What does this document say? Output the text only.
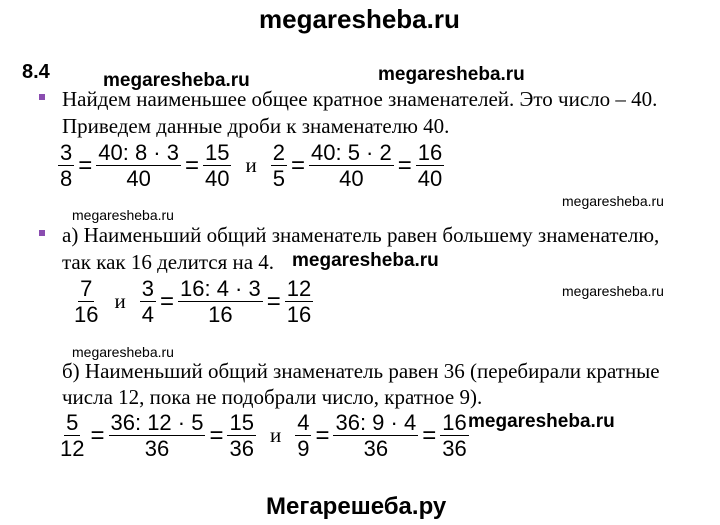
megaresheba.ru
megaresheba.ru	megaresheba.ru
megaresheba.ru
megaresheba.ru
megaresheba.ru
megaresheba.ru
megaresheba.ru
megaresheba.ru
Мегарешеба.ру
8.4
Найдем наименьшее общее кратное знаменателей. Это число – 40.
Приведем данные дроби к знаменателю 40.
$\frac{3}{8} = \frac{40: 8 \cdot 3}{40} = \frac{15}{40}$ и $\frac{2}{5} = \frac{40: 5 \cdot 2}{40} = \frac{16}{40}$
а) Наименьший общий знаменатель равен большему знаменателю,
так как 16 делится на 4.
$\frac{7}{16}$ и $\frac{3}{4} = \frac{16: 4 \cdot 3}{16} = \frac{12}{16}$
б) Наименьший общий знаменатель равен 36 (перебирали кратные
числа 12, пока не подобрали число, кратное 9).
$\frac{5}{12} = \frac{36: 12 \cdot 5}{36} = \frac{15}{36}$ и $\frac{4}{9} = \frac{36: 9 \cdot 4}{36} = \frac{16}{36}$
